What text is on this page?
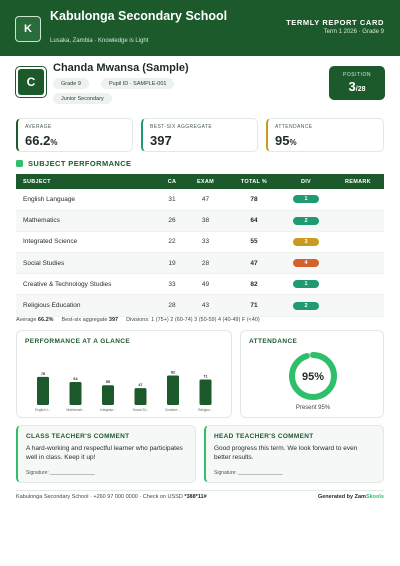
K
Kabulonga Secondary School
Lusaka, Zambia · Knowledge is Light
TERMLY REPORT CARD
Term 1 2026 · Grade 9
C
Chanda Mwansa (Sample)
Grade 9	Pupil ID · SAMPLE-001
Junior Secondary
POSITION
3/28
AVERAGE
66.2%
BEST-SIX AGGREGATE
397
ATTENDANCE
95%
SUBJECT PERFORMANCE
SUBJECT	CA	EXAM	TOTAL %	DIV	REMARK
English Language	31	47	78	1	
Mathematics	26	38	64	2	
Integrated Science	22	33	55	3	
Social Studies	19	28	47	4	
Creative & Technology Studies	33	49	82	1	
Religious Education	28	43	71	2	
Average 66.2% Best-six aggregate 397 Divisions: 1 (75+) 2 (60-74) 3 (50-59) 4 (40-49) F (<40)
PERFORMANCE AT A GLANCE
78
English L...
64
Mathemati...
55
Integrate...
47
Social St...
82
Creative ...
71
Religiou...
ATTENDANCE
95%
Present 95%
CLASS TEACHER'S COMMENT
A hard-working and respectful learner who participates well in class. Keep it up!
Signature: ________________
HEAD TEACHER'S COMMENT
Good progress this term. We look forward to even better results.
Signature: ________________
Kabulonga Secondary School · +260 97 000 0000 · Check on USSD *388*11#	Generated by ZamSkools
